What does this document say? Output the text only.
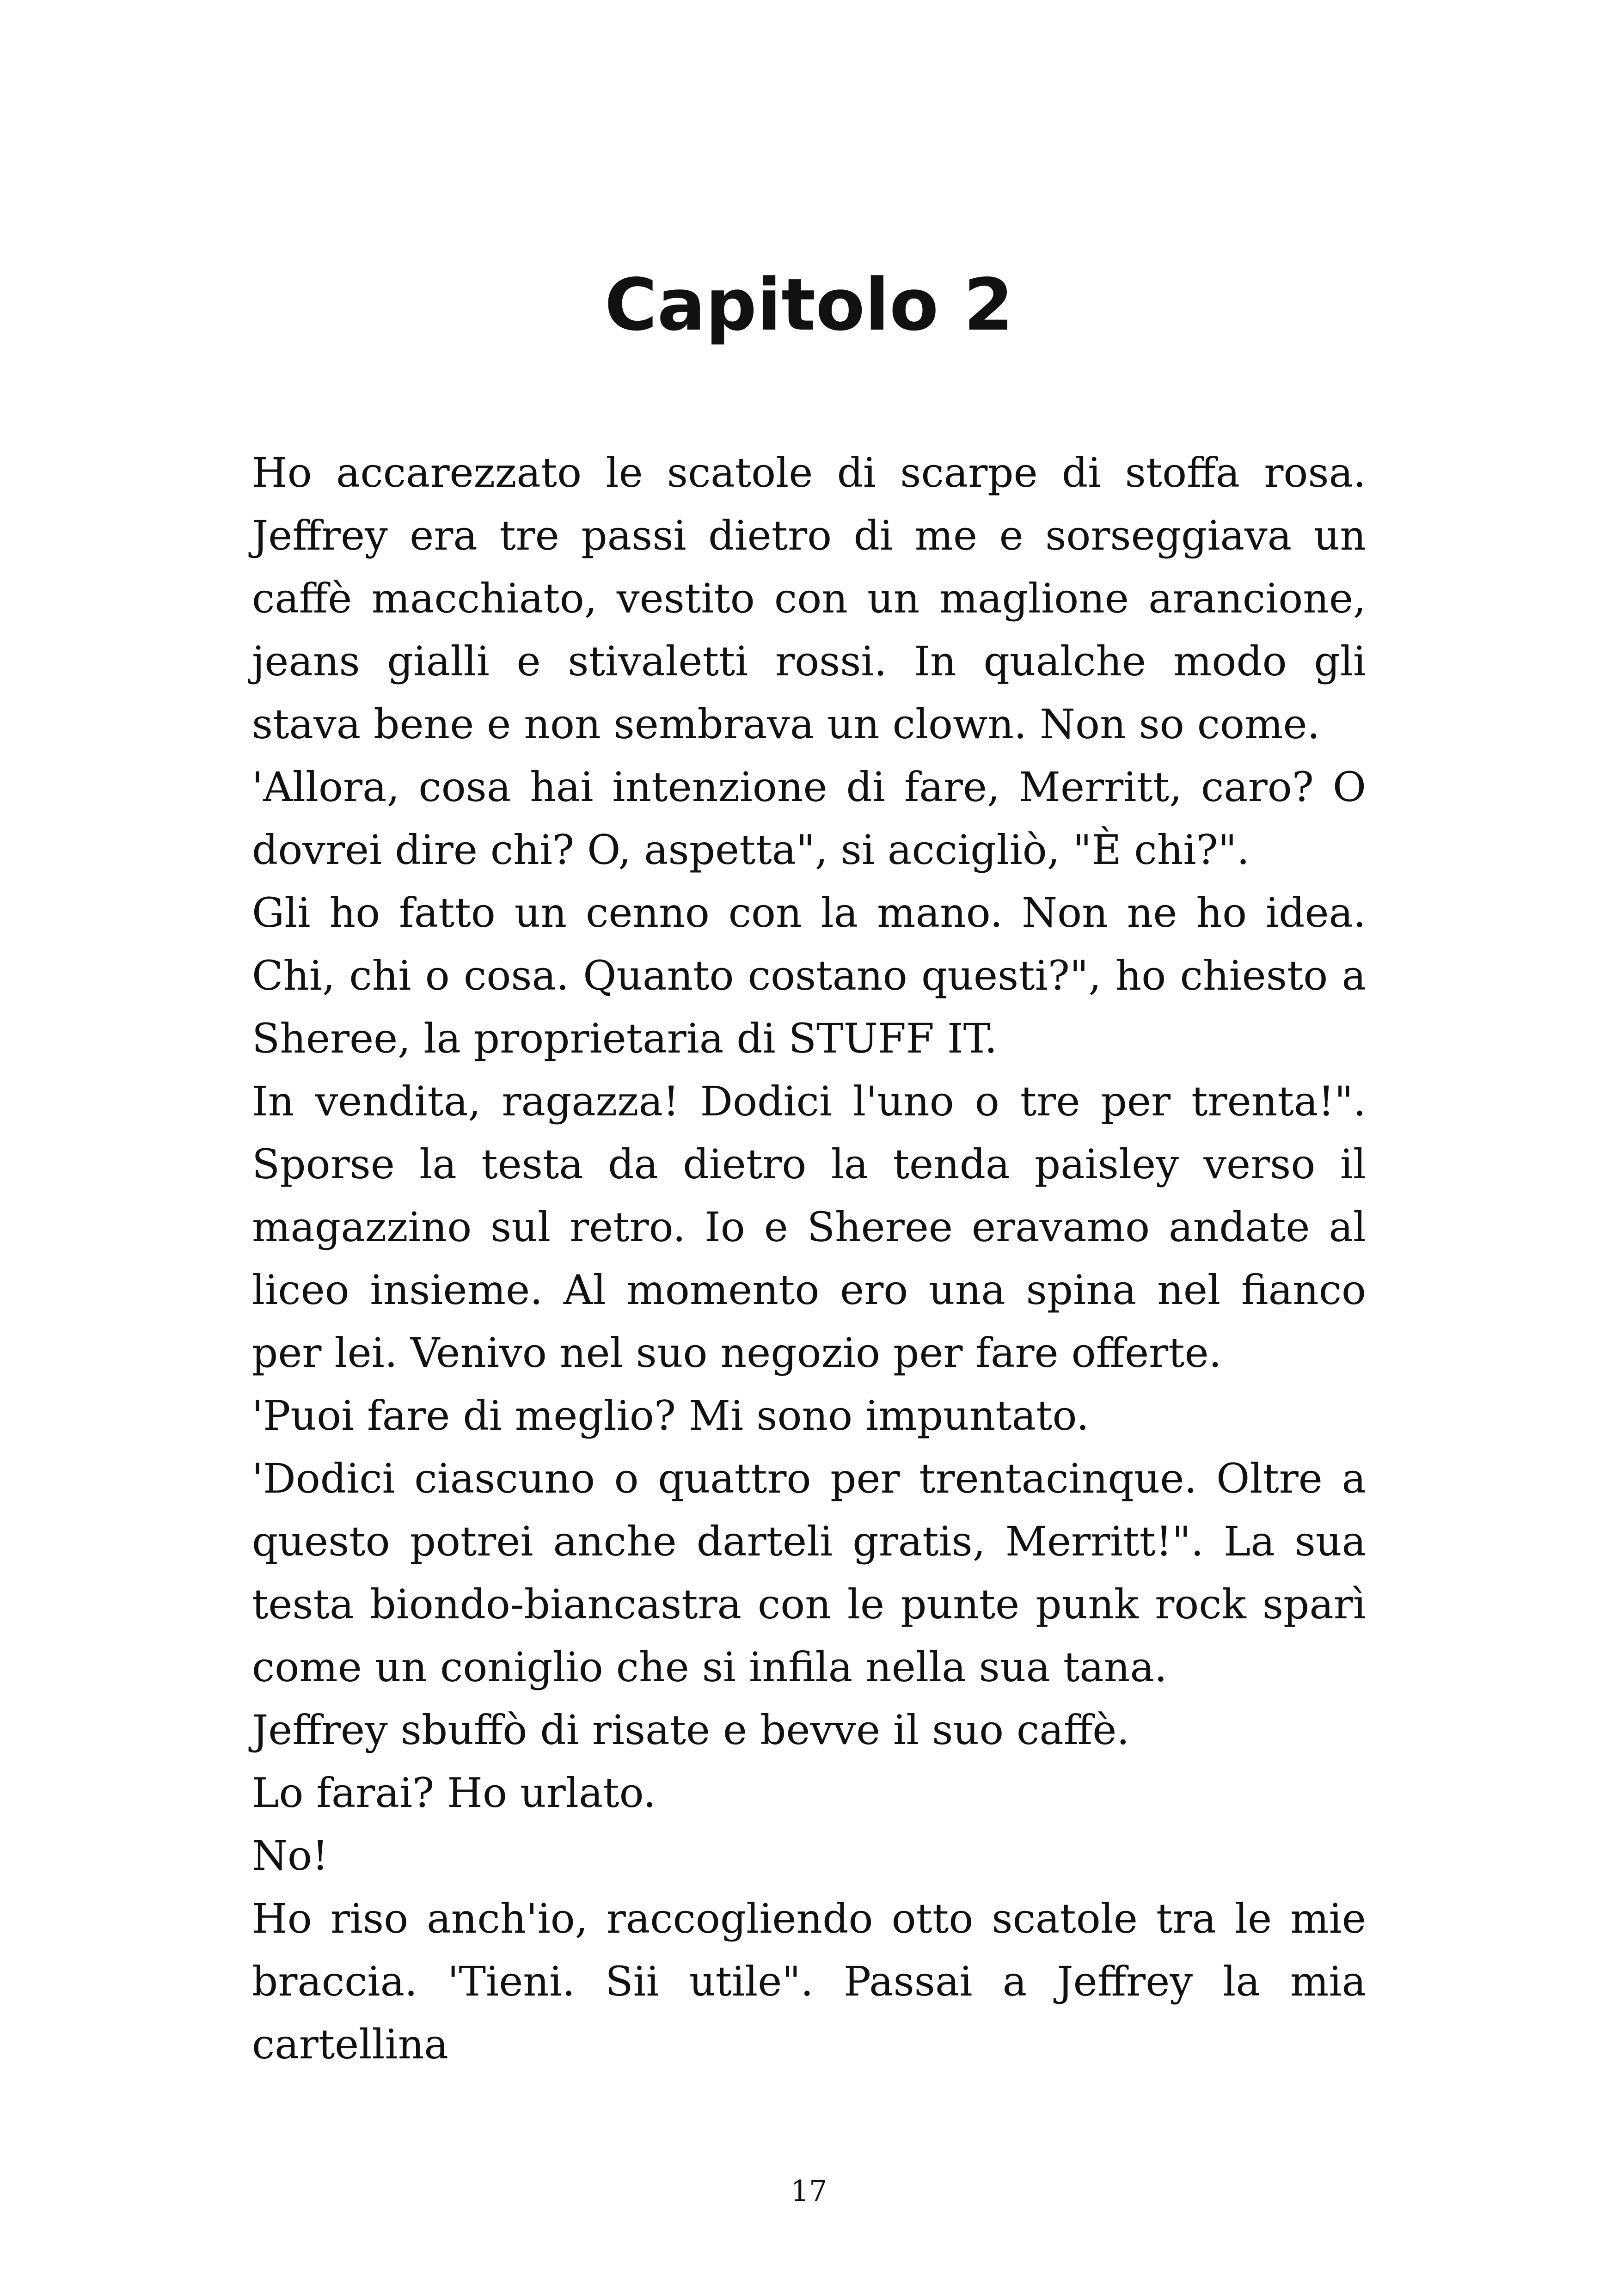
Capitolo 2

Ho accarezzato le scatole di scarpe di stoffa rosa. Jeffrey era tre passi dietro di me e sorseggiava un caffè macchiato, vestito con un maglione arancione, jeans gialli e stivaletti rossi. In qualche modo gli stava bene e non sembrava un clown. Non so come.

'Allora, cosa hai intenzione di fare, Merritt, caro? O dovrei dire chi? O, aspetta", si accigliò, "È chi?".

Gli ho fatto un cenno con la mano. Non ne ho idea. Chi, chi o cosa. Quanto costano questi?", ho chiesto a Sheree, la proprietaria di STUFF IT.

In vendita, ragazza! Dodici l'uno o tre per trenta!". Sporse la testa da dietro la tenda paisley verso il magazzino sul retro. Io e Sheree eravamo andate al liceo insieme. Al momento ero una spina nel fianco per lei. Venivo nel suo negozio per fare offerte.

'Puoi fare di meglio? Mi sono impuntato.

'Dodici ciascuno o quattro per trentacinque. Oltre a questo potrei anche darteli gratis, Merritt!". La sua testa biondo-biancastra con le punte punk rock sparì come un coniglio che si infila nella sua tana.

Jeffrey sbuffò di risate e bevve il suo caffè.

Lo farai? Ho urlato.

No!

Ho riso anch'io, raccogliendo otto scatole tra le mie braccia. 'Tieni. Sii utile". Passai a Jeffrey la mia cartellina

17
